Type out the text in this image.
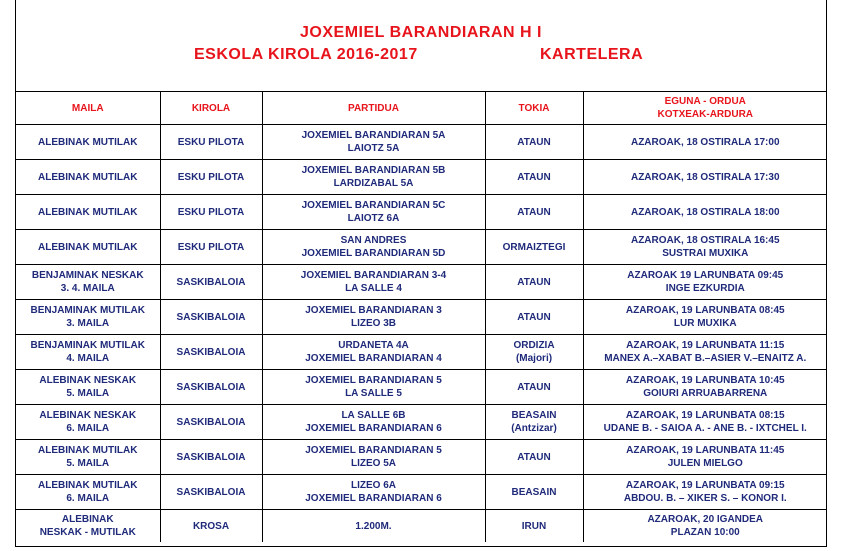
JOXEMIEL BARANDIARAN H I
ESKOLA KIROLA 2016-2017	KARTELERA
MAILA	KIROLA	PARTIDUA	TOKIA	EGUNA - ORDUA
KOTXEAK-ARDURA

ALEBINAK MUTILAK	ESKU PILOTA	JOXEMIEL BARANDIARAN 5A
LAIOTZ 5A	ATAUN	AZAROAK, 18 OSTIRALA 17:00

ALEBINAK MUTILAK	ESKU PILOTA	JOXEMIEL BARANDIARAN 5B
LARDIZABAL 5A	ATAUN	AZAROAK, 18 OSTIRALA 17:30

ALEBINAK MUTILAK	ESKU PILOTA	JOXEMIEL BARANDIARAN 5C
LAIOTZ 6A	ATAUN	AZAROAK, 18 OSTIRALA 18:00

ALEBINAK MUTILAK	ESKU PILOTA	SAN ANDRES
JOXEMIEL BARANDIARAN 5D	ORMAIZTEGI	AZAROAK, 18 OSTIRALA 16:45
SUSTRAI MUXIKA

BENJAMINAK NESKAK
3. 4. MAILA	SASKIBALOIA	JOXEMIEL BARANDIARAN 3-4
LA SALLE 4	ATAUN	AZAROAK 19 LARUNBATA 09:45
INGE EZKURDIA

BENJAMINAK MUTILAK
3. MAILA	SASKIBALOIA	JOXEMIEL BARANDIARAN 3
LIZEO 3B	ATAUN	AZAROAK, 19 LARUNBATA 08:45
LUR MUXIKA

BENJAMINAK MUTILAK
4. MAILA	SASKIBALOIA	URDANETA 4A
JOXEMIEL BARANDIARAN 4	ORDIZIA
(Majori)	AZAROAK, 19 LARUNBATA 11:15
MANEX A.–XABAT B.–ASIER V.–ENAITZ A.

ALEBINAK NESKAK
5. MAILA	SASKIBALOIA	JOXEMIEL BARANDIARAN 5
LA SALLE 5	ATAUN	AZAROAK, 19 LARUNBATA 10:45
GOIURI ARRUABARRENA

ALEBINAK NESKAK
6. MAILA	SASKIBALOIA	LA SALLE 6B
JOXEMIEL BARANDIARAN 6	BEASAIN
(Antzizar)	AZAROAK, 19 LARUNBATA 08:15
UDANE B. - SAIOA A. - ANE B. - IXTCHEL I.

ALEBINAK MUTILAK
5. MAILA	SASKIBALOIA	JOXEMIEL BARANDIARAN 5
LIZEO 5A	ATAUN	AZAROAK, 19 LARUNBATA 11:45
JULEN MIELGO

ALEBINAK MUTILAK
6. MAILA	SASKIBALOIA	LIZEO 6A
JOXEMIEL BARANDIARAN 6	BEASAIN	AZAROAK, 19 LARUNBATA 09:15
ABDOU. B. – XIKER S. – KONOR I.

ALEBINAK
NESKAK - MUTILAK	KROSA	1.200M.	IRUN	AZAROAK, 20 IGANDEA
PLAZAN 10:00
